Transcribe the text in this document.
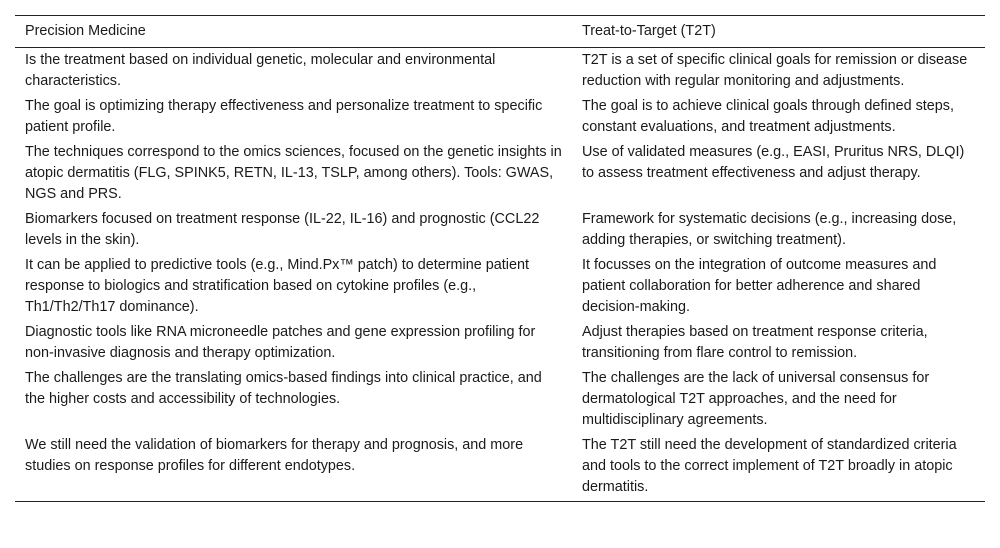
Precision Medicine	Treat-to-Target (T2T)
Is the treatment based on individual genetic, molecular and environmental characteristics.	T2T is a set of specific clinical goals for remission or disease reduction with regular monitoring and adjustments.
The goal is optimizing therapy effectiveness and personalize treatment to specific patient profile.	The goal is to achieve clinical goals through defined steps, constant evaluations, and treatment adjustments.
The techniques correspond to the omics sciences, focused on the genetic insights in atopic dermatitis (FLG, SPINK5, RETN, IL-13, TSLP, among others). Tools: GWAS, NGS and PRS.	Use of validated measures (e.g., EASI, Pruritus NRS, DLQI) to assess treatment effectiveness and adjust therapy.
Biomarkers focused on treatment response (IL-22, IL-16) and prognostic (CCL22 levels in the skin).	Framework for systematic decisions (e.g., increasing dose, adding therapies, or switching treatment).
It can be applied to predictive tools (e.g., Mind.Px™ patch) to determine patient response to biologics and stratification based on cytokine profiles (e.g., Th1/Th2/Th17 dominance).	It focusses on the integration of outcome measures and patient collaboration for better adherence and shared decision-making.
Diagnostic tools like RNA microneedle patches and gene expression profiling for non-invasive diagnosis and therapy optimization.	Adjust therapies based on treatment response criteria, transitioning from flare control to remission.
The challenges are the translating omics-based findings into clinical practice, and the higher costs and accessibility of technologies.	The challenges are the lack of universal consensus for dermatological T2T approaches, and the need for multidisciplinary agreements.
We still need the validation of biomarkers for therapy and prognosis, and more studies on response profiles for different endotypes.	The T2T still need the development of standardized criteria and tools to the correct implement of T2T broadly in atopic dermatitis.
